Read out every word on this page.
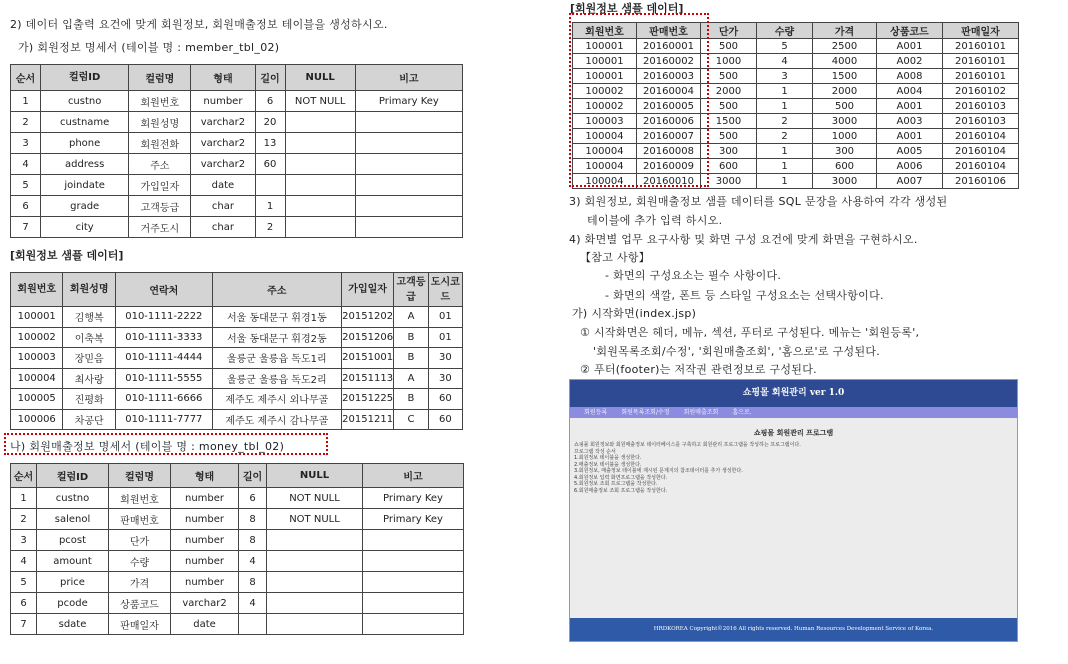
2) 데이터 입출력 요건에 맞게 회원정보, 회원매출정보 테이블을 생성하시오.
가) 회원정보 명세서 (테이블 명 : member_tbl_02)
순서	컬럼ID	컬럼명	형태	길이	NULL	비고
1	custno	회원번호	number	6	NOT NULL	Primary Key
2	custname	회원성명	varchar2	20		
3	phone	회원전화	varchar2	13		
4	address	주소	varchar2	60		
5	joindate	가입일자	date			
6	grade	고객등급	char	1		
7	city	거주도시	char	2		
[회원정보 샘플 데이터]
회원번호	회원성명	연락처	주소	가입일자	고객등급	도시코드
100001	김행복	010-1111-2222	서울 동대문구 휘경1동	20151202	A	01
100002	이축복	010-1111-3333	서울 동대문구 휘경2동	20151206	B	01
100003	장믿음	010-1111-4444	울릉군 울릉읍 독도1리	20151001	B	30
100004	최사랑	010-1111-5555	울릉군 울릉읍 독도2리	20151113	A	30
100005	진평화	010-1111-6666	제주도 제주시 외나무골	20151225	B	60
100006	차공단	010-1111-7777	제주도 제주시 감나무골	20151211	C	60
나) 회원매출정보 명세서 (테이블 명 : money_tbl_02)
순서	컬럼ID	컬럼명	형태	길이	NULL	비고
1	custno	회원번호	number	6	NOT NULL	Primary Key
2	salenol	판매번호	number	8	NOT NULL	Primary Key
3	pcost	단가	number	8		
4	amount	수량	number	4		
5	price	가격	number	8		
6	pcode	상품코드	varchar2	4		
7	sdate	판매일자	date			
[회원정보 샘플 데이터]
회원번호	판매번호	단가	수량	가격	상품코드	판매일자
100001	20160001	500	5	2500	A001	20160101
100001	20160002	1000	4	4000	A002	20160101
100001	20160003	500	3	1500	A008	20160101
100002	20160004	2000	1	2000	A004	20160102
100002	20160005	500	1	500	A001	20160103
100003	20160006	1500	2	3000	A003	20160103
100004	20160007	500	2	1000	A001	20160104
100004	20160008	300	1	300	A005	20160104
100004	20160009	600	1	600	A006	20160104
100004	20160010	3000	1	3000	A007	20160106
3) 회원정보, 회원매출정보 샘플 데이터를 SQL 문장을 사용하여 각각 생성된
테이블에 추가 입력 하시오.
4) 화면별 업무 요구사항 및 화면 구성 요건에 맞게 화면을 구현하시오.
【참고 사항】
- 화면의 구성요소는 필수 사항이다.
- 화면의 색깔, 폰트 등 스타일 구성요소는 선택사항이다.
가) 시작화면(index.jsp)
① 시작화면은 헤더, 메뉴, 섹션, 푸터로 구성된다. 메뉴는 '회원등록',
'회원목록조회/수정', '회원매출조회', '홈으로'로 구성된다.
② 푸터(footer)는 저작권 관련정보로 구성된다.
쇼핑몰 회원관리 ver 1.0
회원등록 회원목록조회/수정 회원매출조회 홈으로.
쇼핑몰 회원관리 프로그램
쇼핑몰 회원정보와 회원매출정보 데이터베이스를 구축하고 회원관리 프로그램을 작성하는 프로그램이다.
프로그램 작성 순서
1.회원정보 테이블을 생성한다.
2.매출정보 테이블을 생성한다.
3.회원정보, 매출정보 테이블에 제시된 문제지의 참조데이터를 추가 생성한다.
4.회원정보 입력 화면프로그램을 작성한다.
5.회원정보 조회 프로그램을 작성한다.
6.회원매출정보 조회 프로그램을 작성한다.
HRDKOREA Copyright©2016 All rights reserved. Human Resources Development Service of Korea.
